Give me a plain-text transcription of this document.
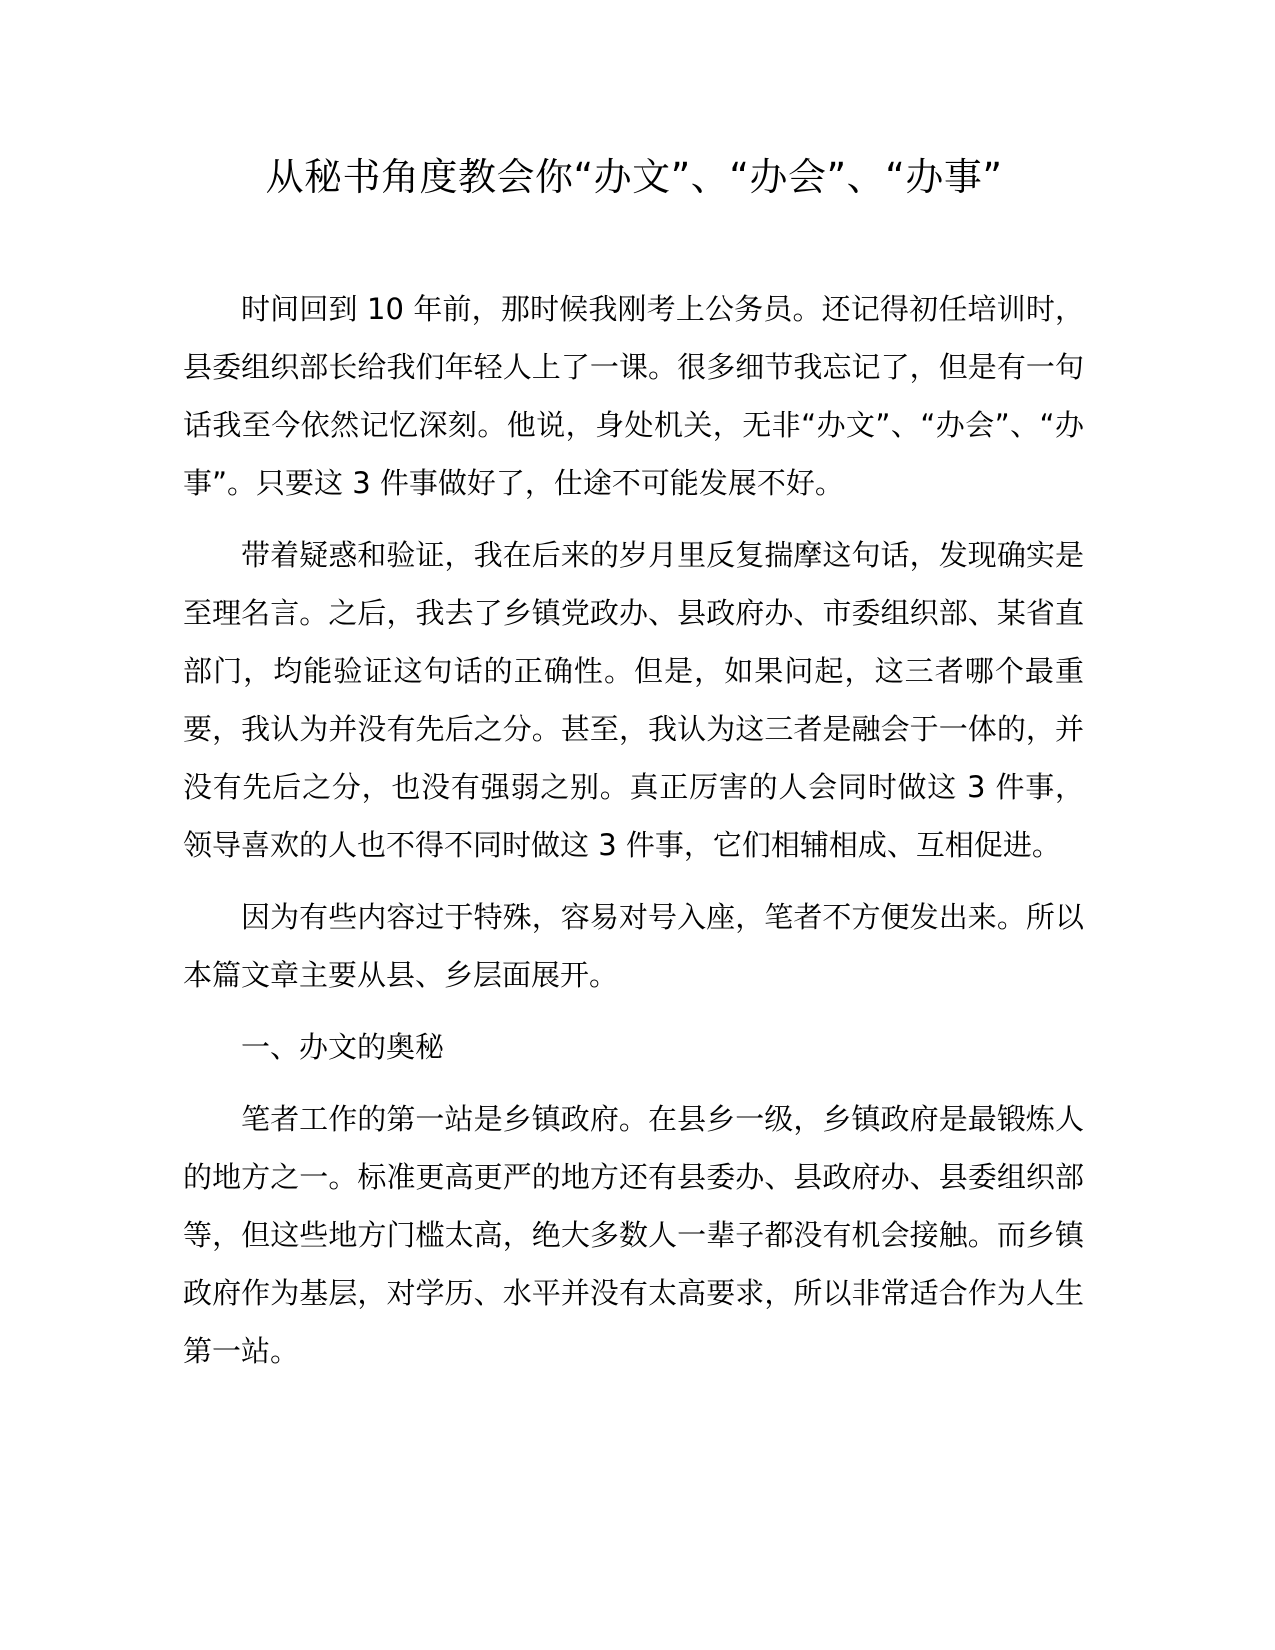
从秘书角度教会你“办文”、“办会”、“办事”

时间回到 10 年前，那时候我刚考上公务员。还记得初任培训时，县委组织部长给我们年轻人上了一课。很多细节我忘记了，但是有一句话我至今依然记忆深刻。他说，身处机关，无非“办文”、“办会”、“办事”。只要这 3 件事做好了，仕途不可能发展不好。

带着疑惑和验证，我在后来的岁月里反复揣摩这句话，发现确实是至理名言。之后，我去了乡镇党政办、县政府办、市委组织部、某省直部门，均能验证这句话的正确性。但是，如果问起，这三者哪个最重要，我认为并没有先后之分。甚至，我认为这三者是融会于一体的，并没有先后之分，也没有强弱之别。真正厉害的人会同时做这 3 件事，领导喜欢的人也不得不同时做这 3 件事，它们相辅相成、互相促进。

因为有些内容过于特殊，容易对号入座，笔者不方便发出来。所以本篇文章主要从县、乡层面展开。

一、办文的奥秘

笔者工作的第一站是乡镇政府。在县乡一级，乡镇政府是最锻炼人的地方之一。标准更高更严的地方还有县委办、县政府办、县委组织部等，但这些地方门槛太高，绝大多数人一辈子都没有机会接触。而乡镇政府作为基层，对学历、水平并没有太高要求，所以非常适合作为人生第一站。
